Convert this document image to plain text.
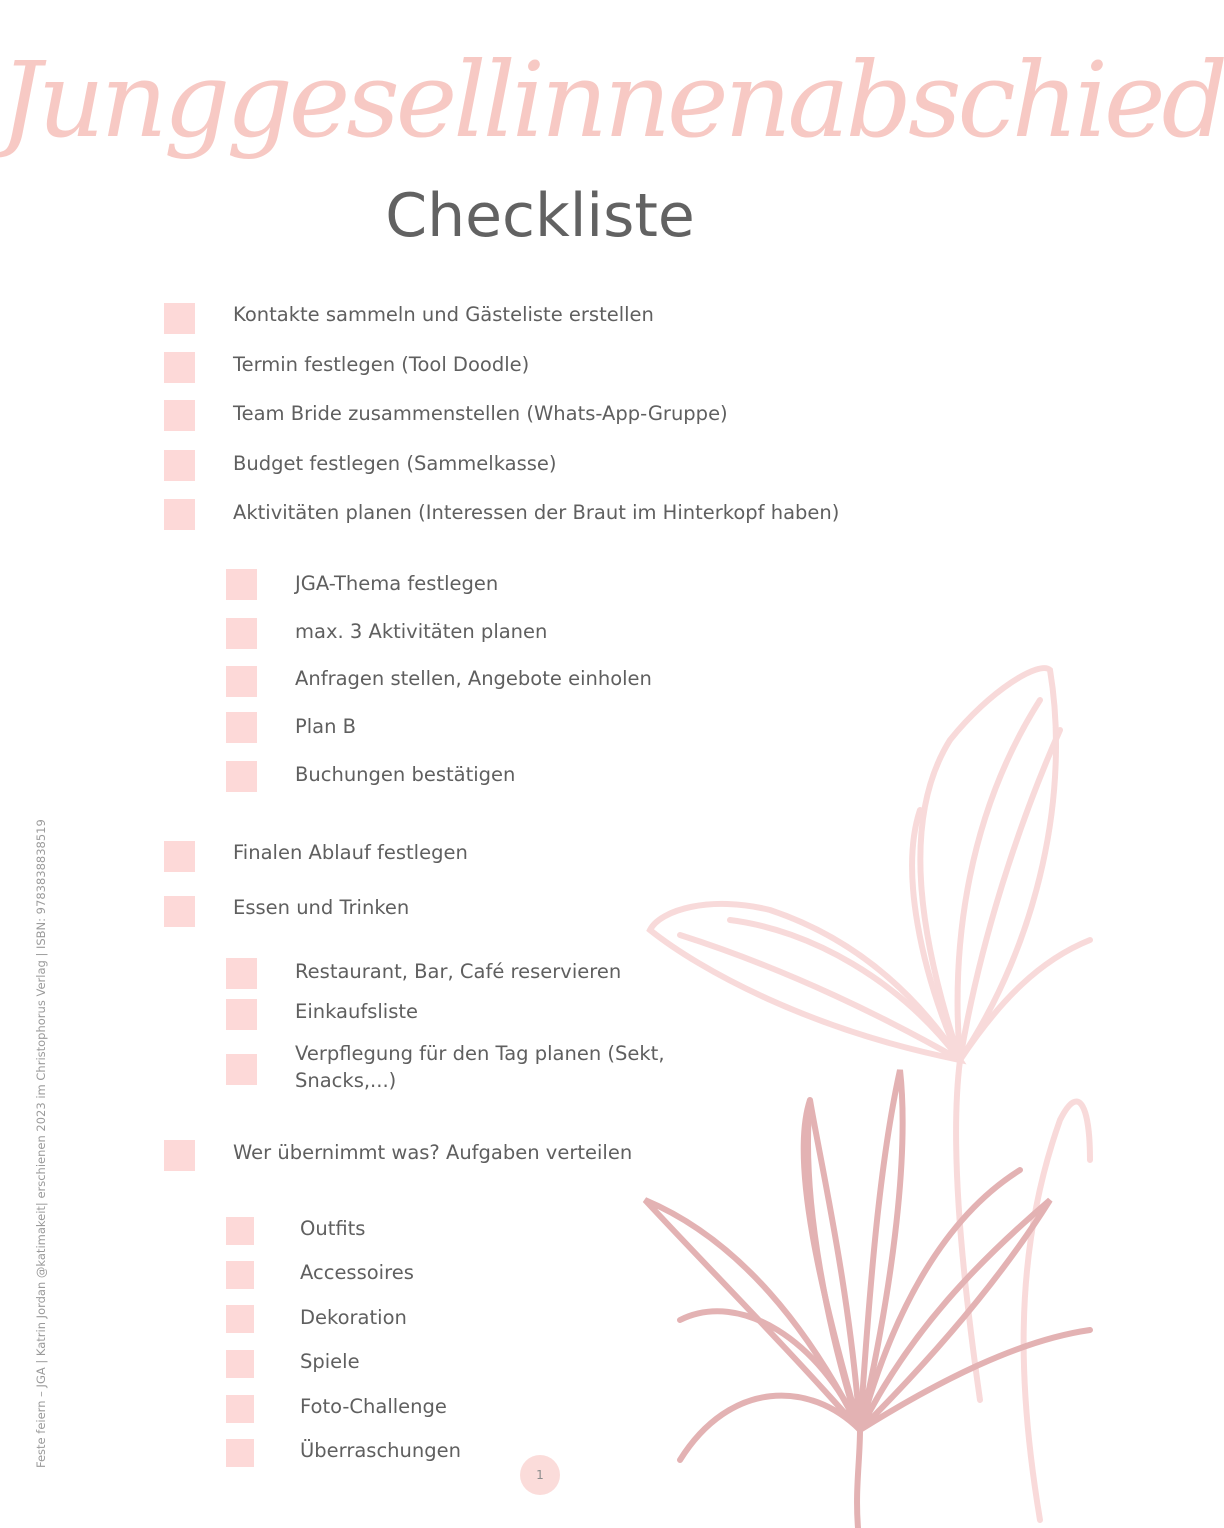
Junggesellinnenabschied
Checkliste
Kontakte sammeln und Gästeliste erstellen
Termin festlegen (Tool Doodle)
Team Bride zusammenstellen (Whats-App-Gruppe)
Budget festlegen (Sammelkasse)
Aktivitäten planen (Interessen der Braut im Hinterkopf haben)
JGA-Thema festlegen
max. 3 Aktivitäten planen
Anfragen stellen, Angebote einholen
Plan B
Buchungen bestätigen
Finalen Ablauf festlegen
Essen und Trinken
Restaurant, Bar, Café reservieren
Einkaufsliste
Verpflegung für den Tag planen (Sekt, Snacks,...)
Wer übernimmt was? Aufgaben verteilen
Outfits
Accessoires
Dekoration
Spiele
Foto-Challenge
Überraschungen
Feste feiern – JGA | Katrin Jordan @katimakeit| erschienen 2023 im Christophorus Verlag | ISBN: 9783838838519
1
